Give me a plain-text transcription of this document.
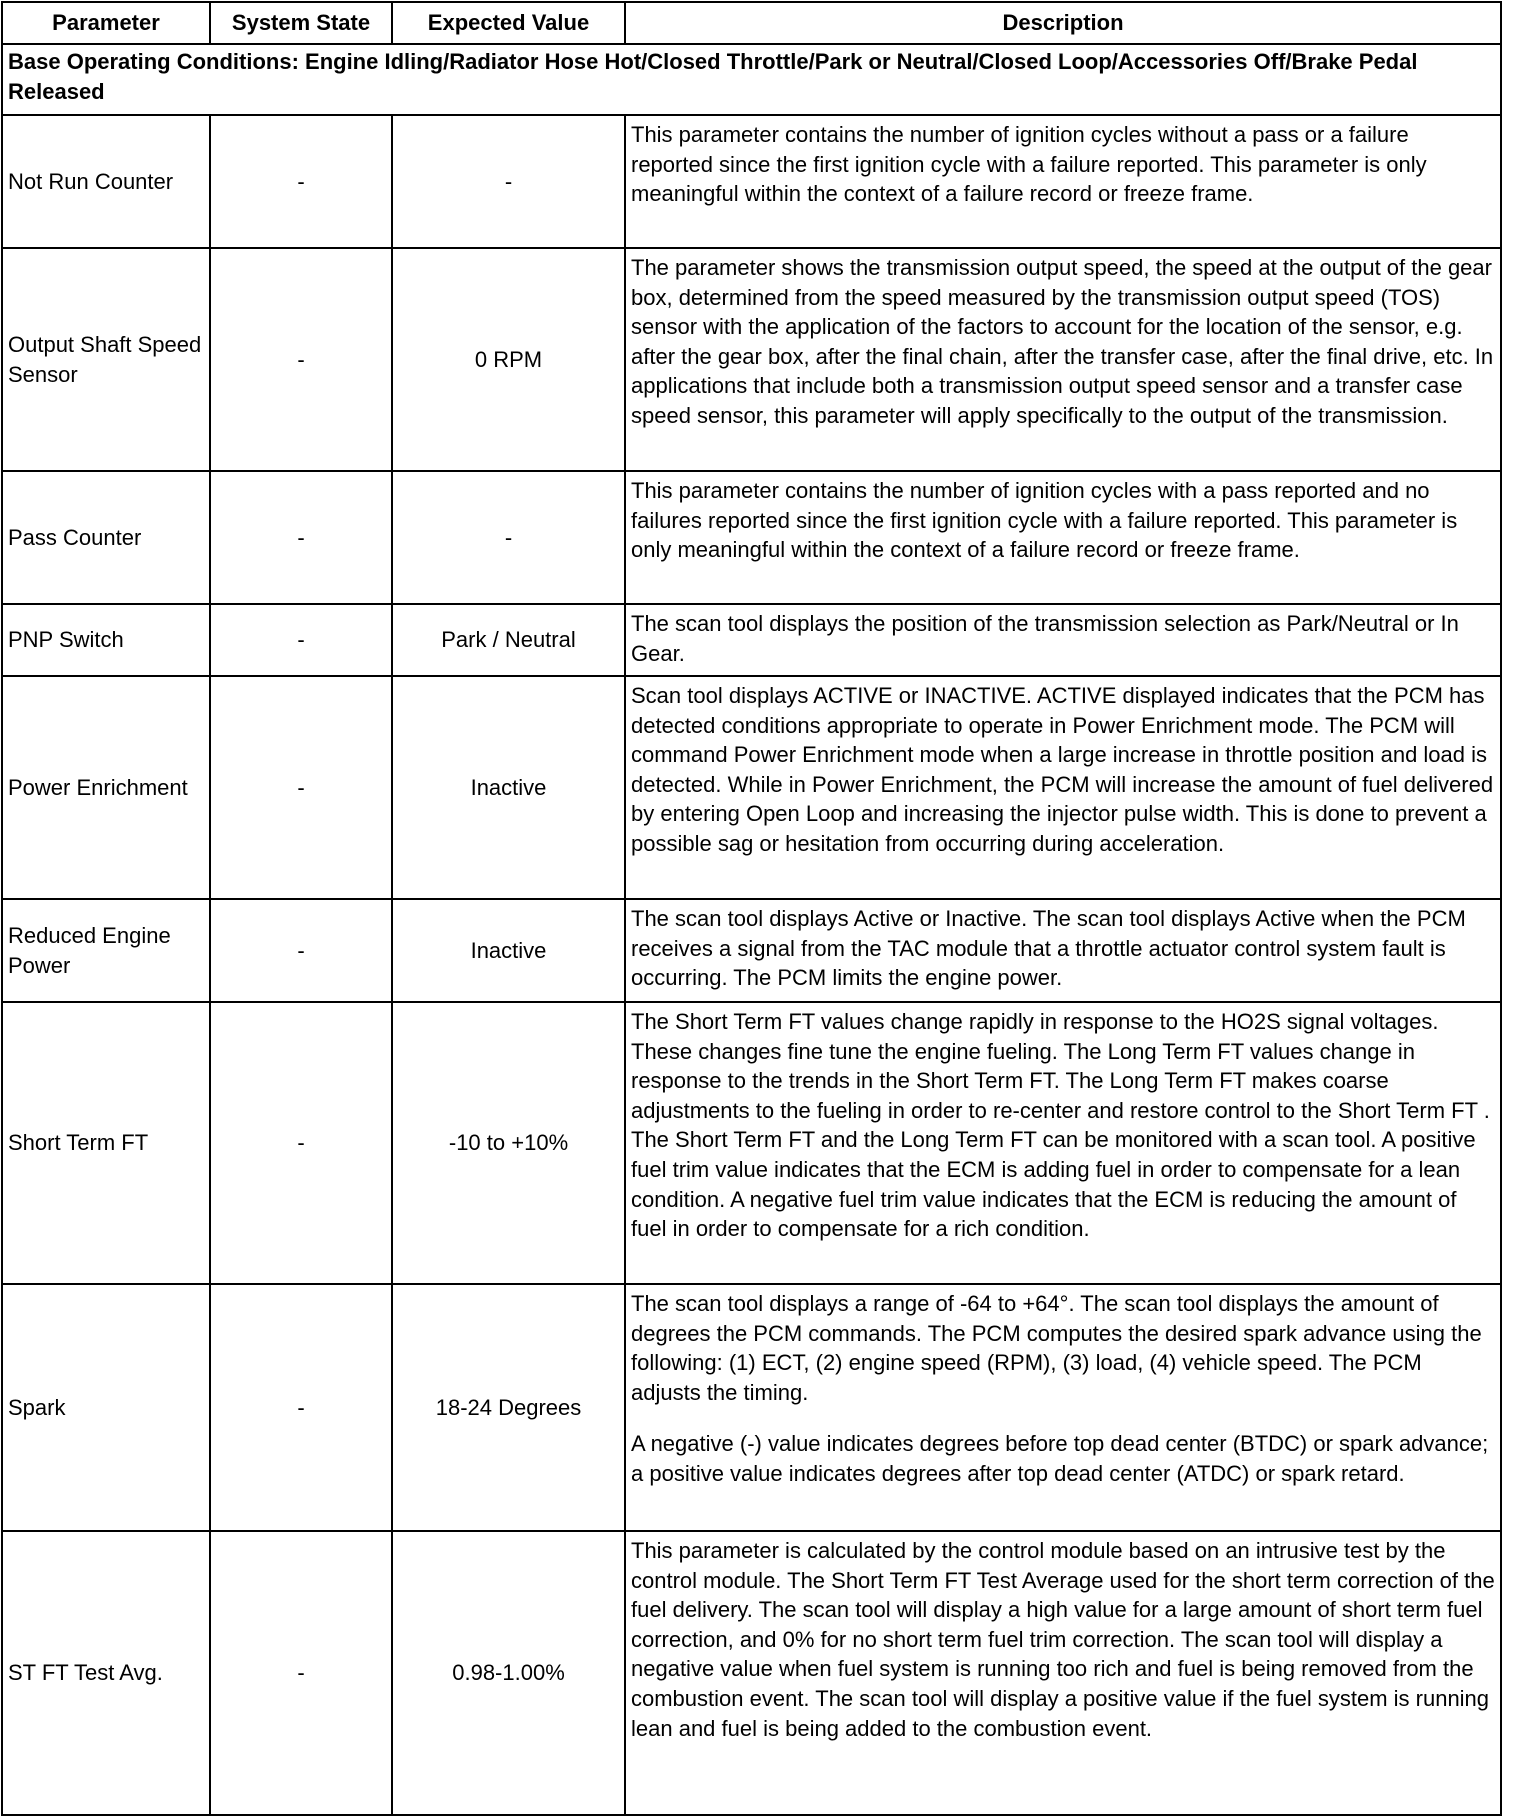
Parameter	System State	Expected Value	Description
Base Operating Conditions: Engine Idling/Radiator Hose Hot/Closed Throttle/Park or Neutral/Closed Loop/Accessories Off/Brake Pedal Released			
Not Run Counter	-	-	This parameter contains the number of ignition cycles without a pass or a failure reported since the first ignition cycle with a failure reported. This parameter is only meaningful within the context of a failure record or freeze frame.

Output Shaft Speed Sensor	-	0 RPM	The parameter shows the transmission output speed, the speed at the output of the gear box, determined from the speed measured by the transmission output speed (TOS) sensor with the application of the factors to account for the location of the sensor, e.g. after the gear box, after the final chain, after the transfer case, after the final drive, etc. In applications that include both a transmission output speed sensor and a transfer case speed sensor, this parameter will apply specifically to the output of the transmission.

Pass Counter	-	-	This parameter contains the number of ignition cycles with a pass reported and no failures reported since the first ignition cycle with a failure reported. This parameter is only meaningful within the context of a failure record or freeze frame.

PNP Switch	-	Park / Neutral	The scan tool displays the position of the transmission selection as Park/Neutral or In Gear.

Power Enrichment	-	Inactive	Scan tool displays ACTIVE or INACTIVE. ACTIVE displayed indicates that the PCM has detected conditions appropriate to operate in Power Enrichment mode. The PCM will command Power Enrichment mode when a large increase in throttle position and load is detected. While in Power Enrichment, the PCM will increase the amount of fuel delivered by entering Open Loop and increasing the injector pulse width. This is done to prevent a possible sag or hesitation from occurring during acceleration.

Reduced Engine Power	-	Inactive	The scan tool displays Active or Inactive. The scan tool displays Active when the PCM receives a signal from the TAC module that a throttle actuator control system fault is occurring. The PCM limits the engine power.

Short Term FT	-	-10 to +10%	The Short Term FT values change rapidly in response to the HO2S signal voltages. These changes fine tune the engine fueling. The Long Term FT values change in response to the trends in the Short Term FT. The Long Term FT makes coarse adjustments to the fueling in order to re-center and restore control to the Short Term FT . The Short Term FT and the Long Term FT can be monitored with a scan tool. A positive fuel trim value indicates that the ECM is adding fuel in order to compensate for a lean condition. A negative fuel trim value indicates that the ECM is reducing the amount of fuel in order to compensate for a rich condition.

Spark	-	18-24 Degrees	The scan tool displays a range of -64 to +64°. The scan tool displays the amount of degrees the PCM commands. The PCM computes the desired spark advance using the following: (1) ECT, (2) engine speed (RPM), (3) load, (4) vehicle speed. The PCM adjusts the timing.

A negative (-) value indicates degrees before top dead center (BTDC) or spark advance; a positive value indicates degrees after top dead center (ATDC) or spark retard.

ST FT Test Avg.	-	0.98-1.00%	This parameter is calculated by the control module based on an intrusive test by the control module. The Short Term FT Test Average used for the short term correction of the fuel delivery. The scan tool will display a high value for a large amount of short term fuel correction, and 0% for no short term fuel trim correction. The scan tool will display a negative value when fuel system is running too rich and fuel is being removed from the combustion event. The scan tool will display a positive value if the fuel system is running lean and fuel is being added to the combustion event.
